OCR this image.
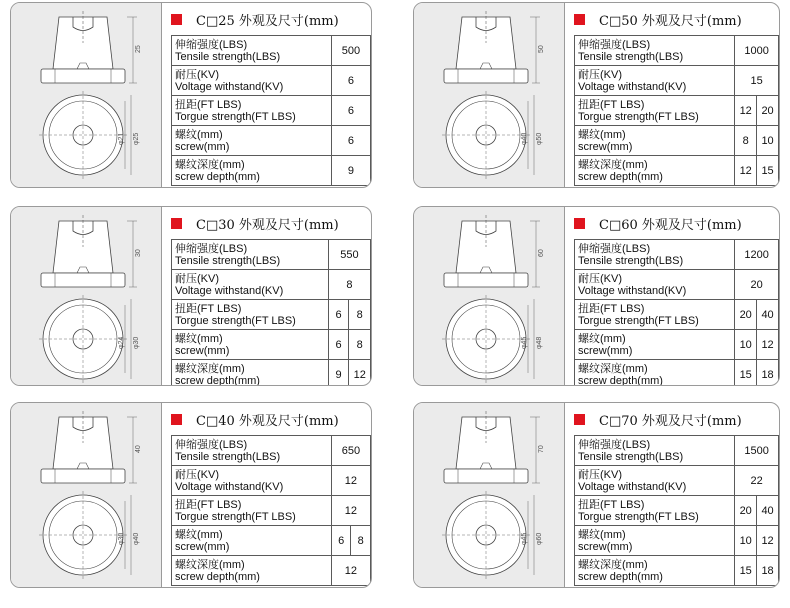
25
φ21 φ25
C□25 外观及尺寸(mm)
伸缩强度(LBS)
Tensile strength(LBS)	500

耐压(KV)
Voltage withstand(KV)	6

扭距(FT LBS)
Torgue strength(FT LBS)	6

螺纹(mm)
screw(mm)	6

螺纹深度(mm)
screw depth(mm)	9
50
φ40 φ50
C□50 外观及尺寸(mm)
伸缩强度(LBS)
Tensile strength(LBS)	1000	

耐压(KV)
Voltage withstand(KV)	15	

扭距(FT LBS)
Torgue strength(FT LBS)	12	20

螺纹(mm)
screw(mm)	8	10

螺纹深度(mm)
screw depth(mm)	12	15
30
φ24 φ30
C□30 外观及尺寸(mm)
伸缩强度(LBS)
Tensile strength(LBS)	550	

耐压(KV)
Voltage withstand(KV)	8	

扭距(FT LBS)
Torgue strength(FT LBS)	6	8

螺纹(mm)
screw(mm)	6	8

螺纹深度(mm)
screw depth(mm)	9	12
60
φ45 φ48
C□60 外观及尺寸(mm)
伸缩强度(LBS)
Tensile strength(LBS)	1200	

耐压(KV)
Voltage withstand(KV)	20	

扭距(FT LBS)
Torgue strength(FT LBS)	20	40

螺纹(mm)
screw(mm)	10	12

螺纹深度(mm)
screw depth(mm)	15	18
40
φ30 φ40
C□40 外观及尺寸(mm)
伸缩强度(LBS)
Tensile strength(LBS)	650	

耐压(KV)
Voltage withstand(KV)	12	

扭距(FT LBS)
Torgue strength(FT LBS)	12	

螺纹(mm)
screw(mm)	6	8

螺纹深度(mm)
screw depth(mm)	12	
70
φ45 φ60
C□70 外观及尺寸(mm)
伸缩强度(LBS)
Tensile strength(LBS)	1500	

耐压(KV)
Voltage withstand(KV)	22	

扭距(FT LBS)
Torgue strength(FT LBS)	20	40

螺纹(mm)
screw(mm)	10	12

螺纹深度(mm)
screw depth(mm)	15	18
